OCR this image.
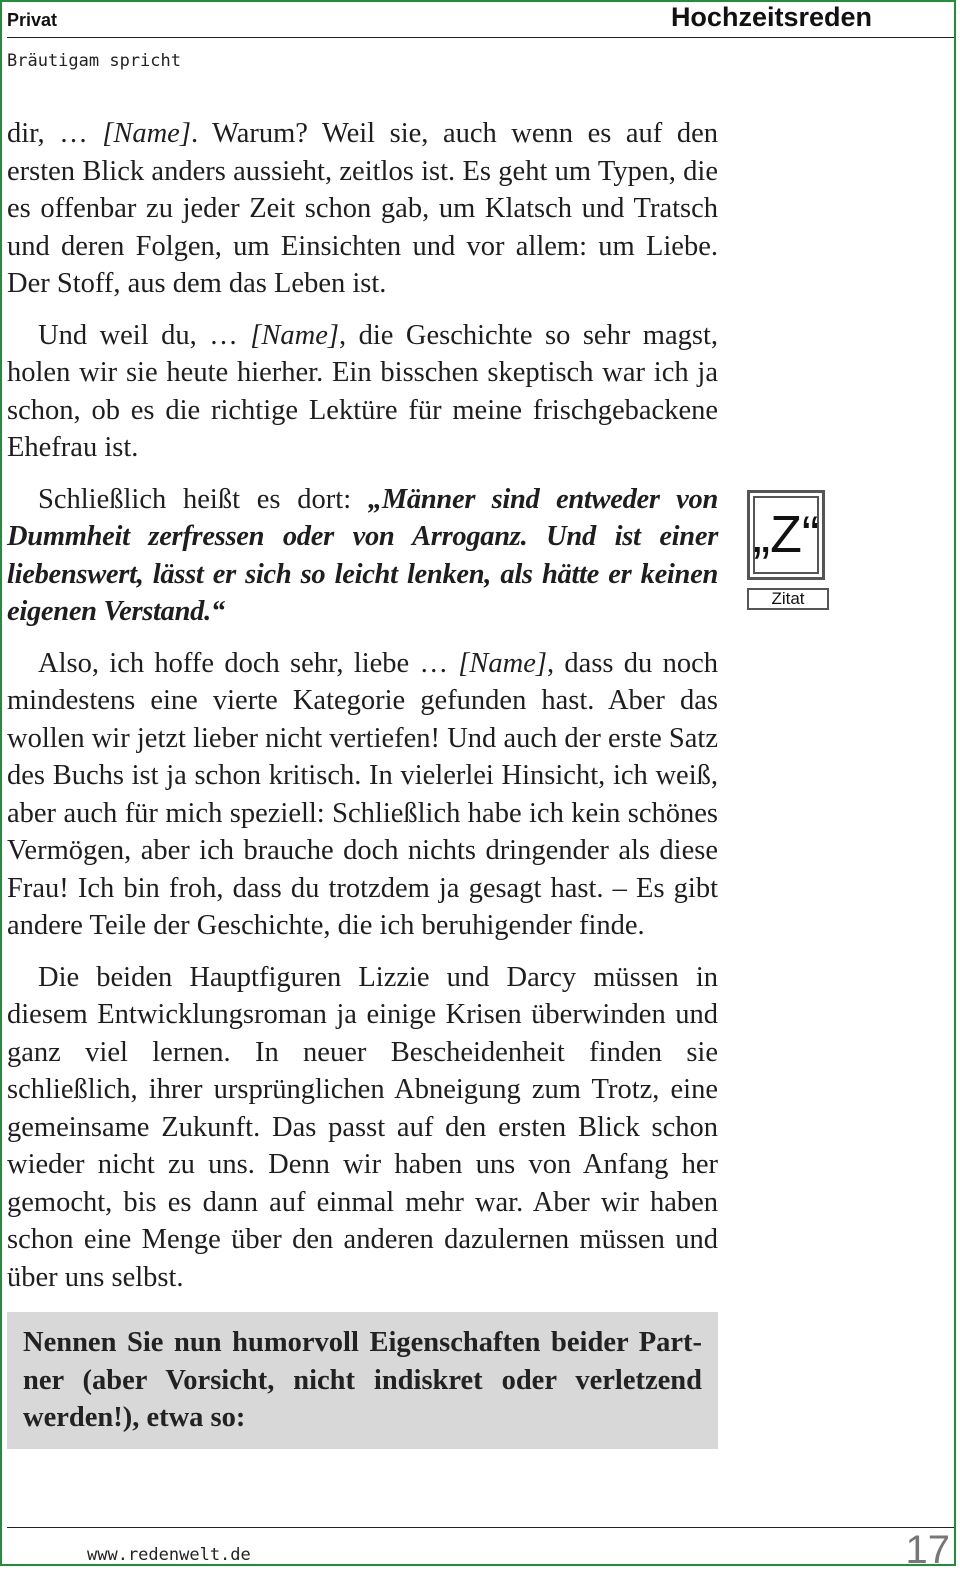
Privat	Hochzeitsreden
Bräutigam spricht

dir, … [Name]. Warum? Weil sie, auch wenn es auf den ersten Blick anders aussieht, zeitlos ist. Es geht um Typen, die es offenbar zu jeder Zeit schon gab, um Klatsch und Tratsch und deren Folgen, um Einsichten und vor allem: um Liebe. Der Stoff, aus dem das Leben ist.

Und weil du, … [Name], die Geschichte so sehr magst, holen wir sie heute hierher. Ein bisschen skeptisch war ich ja schon, ob es die richtige Lektüre für meine frischgebackene Ehefrau ist.

Schließlich heißt es dort: „Männer sind entweder von Dummheit zerfressen oder von Arroganz. Und ist einer liebenswert, lässt er sich so leicht lenken, als hätte er keinen eigenen Verstand.“

Also, ich hoffe doch sehr, liebe … [Name], dass du noch mindestens eine vierte Kategorie gefunden hast. Aber das wollen wir jetzt lieber nicht vertiefen! Und auch der erste Satz des Buchs ist ja schon kritisch. In vielerlei Hinsicht, ich weiß, aber auch für mich speziell: Schließlich habe ich kein schönes Vermögen, aber ich brauche doch nichts dringender als diese Frau! Ich bin froh, dass du trotzdem ja gesagt hast. – Es gibt andere Teile der Geschichte, die ich beruhigender finde.

Die beiden Hauptfiguren Lizzie und Darcy müssen in diesem Entwicklungsroman ja einige Krisen überwinden und ganz viel lernen. In neuer Bescheidenheit finden sie schließlich, ihrer ursprünglichen Abneigung zum Trotz, eine gemeinsame Zukunft. Das passt auf den ersten Blick schon wieder nicht zu uns. Denn wir haben uns von Anfang her gemocht, bis es dann auf einmal mehr war. Aber wir haben schon eine Menge über den anderen dazulernen müssen und über uns selbst.

Nennen Sie nun humorvoll Eigenschaften beider Partner (aber Vorsicht, nicht indiskret oder verletzend werden!), etwa so:
„Z“
Zitat
www.redenwelt.de	17
